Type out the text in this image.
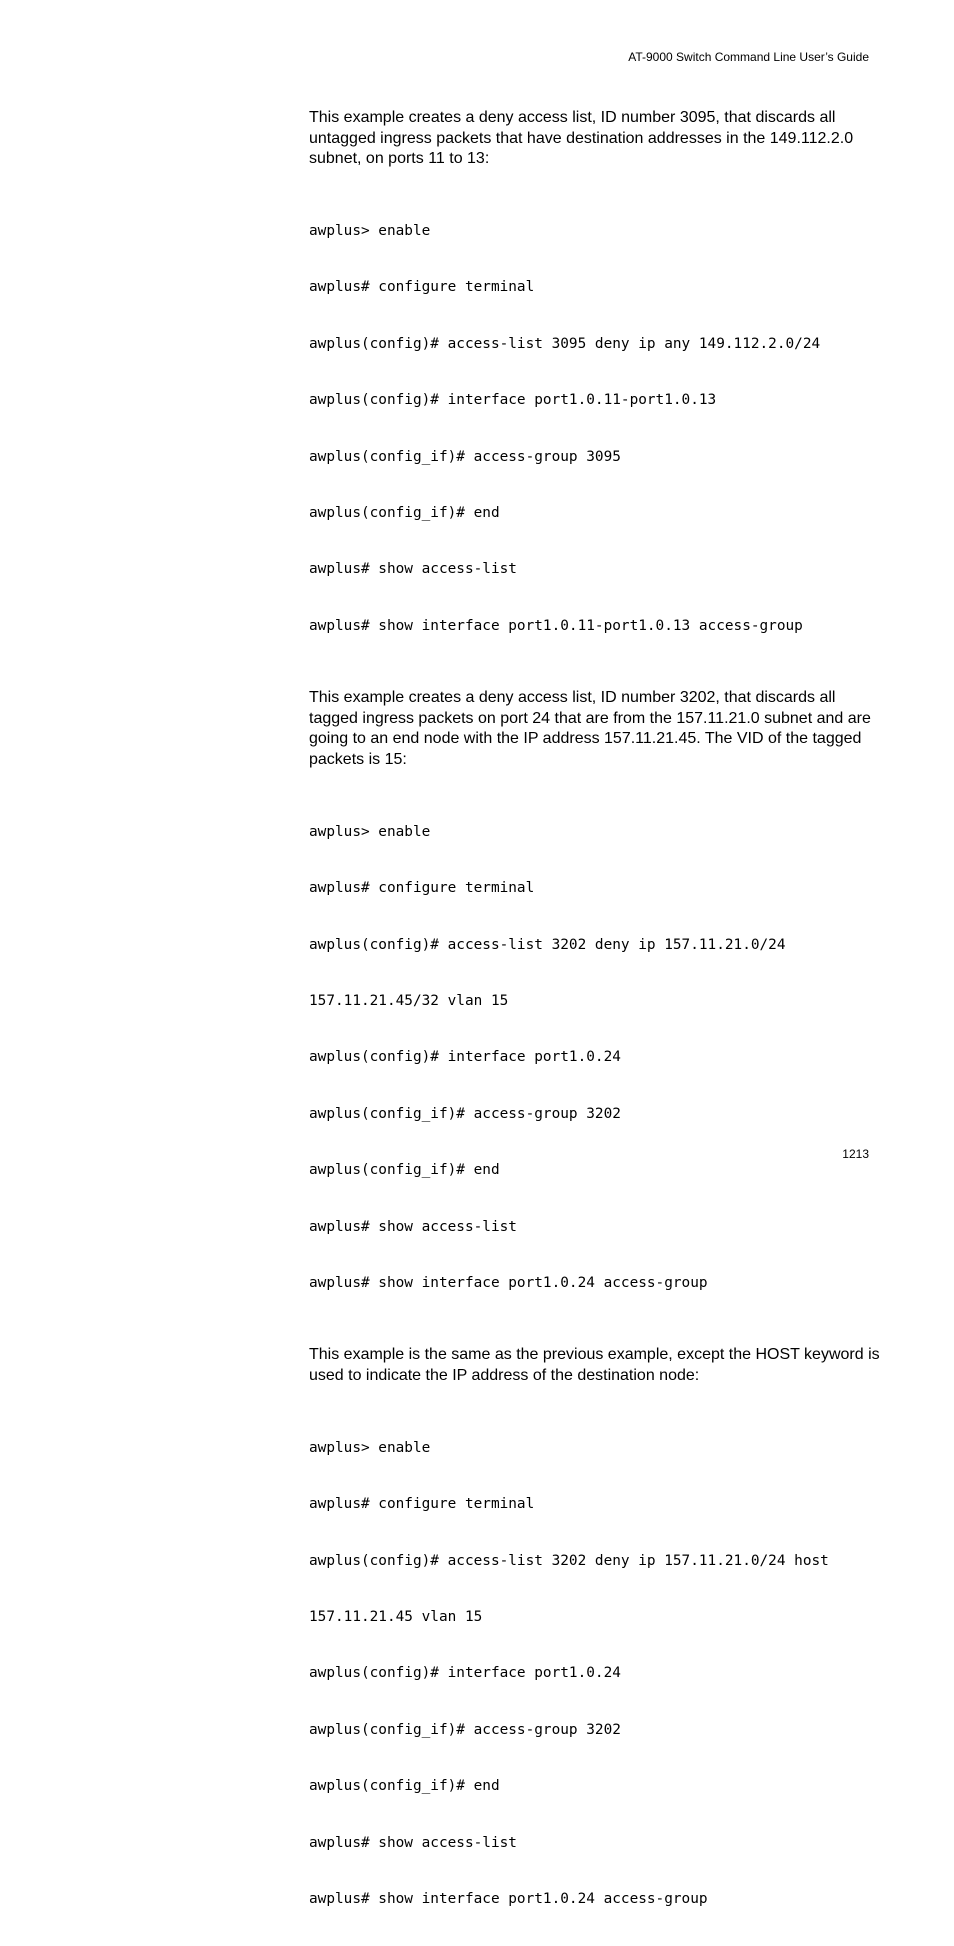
AT-9000 Switch Command Line User’s Guide

This example creates a deny access list, ID number 3095, that discards all untagged ingress packets that have destination addresses in the 149.112.2.0 subnet, on ports 11 to 13:

awplus> enable

awplus# configure terminal

awplus(config)# access-list 3095 deny ip any 149.112.2.0/24

awplus(config)# interface port1.0.11-port1.0.13

awplus(config_if)# access-group 3095

awplus(config_if)# end

awplus# show access-list

awplus# show interface port1.0.11-port1.0.13 access-group

This example creates a deny access list, ID number 3202, that discards all tagged ingress packets on port 24 that are from the 157.11.21.0 subnet and are going to an end node with the IP address 157.11.21.45. The VID of the tagged packets is 15:

awplus> enable

awplus# configure terminal

awplus(config)# access-list 3202 deny ip 157.11.21.0/24

157.11.21.45/32 vlan 15

awplus(config)# interface port1.0.24

awplus(config_if)# access-group 3202

awplus(config_if)# end

awplus# show access-list

awplus# show interface port1.0.24 access-group

This example is the same as the previous example, except the HOST keyword is used to indicate the IP address of the destination node:

awplus> enable

awplus# configure terminal

awplus(config)# access-list 3202 deny ip 157.11.21.0/24 host

157.11.21.45 vlan 15

awplus(config)# interface port1.0.24

awplus(config_if)# access-group 3202

awplus(config_if)# end

awplus# show access-list

awplus# show interface port1.0.24 access-group

1213
